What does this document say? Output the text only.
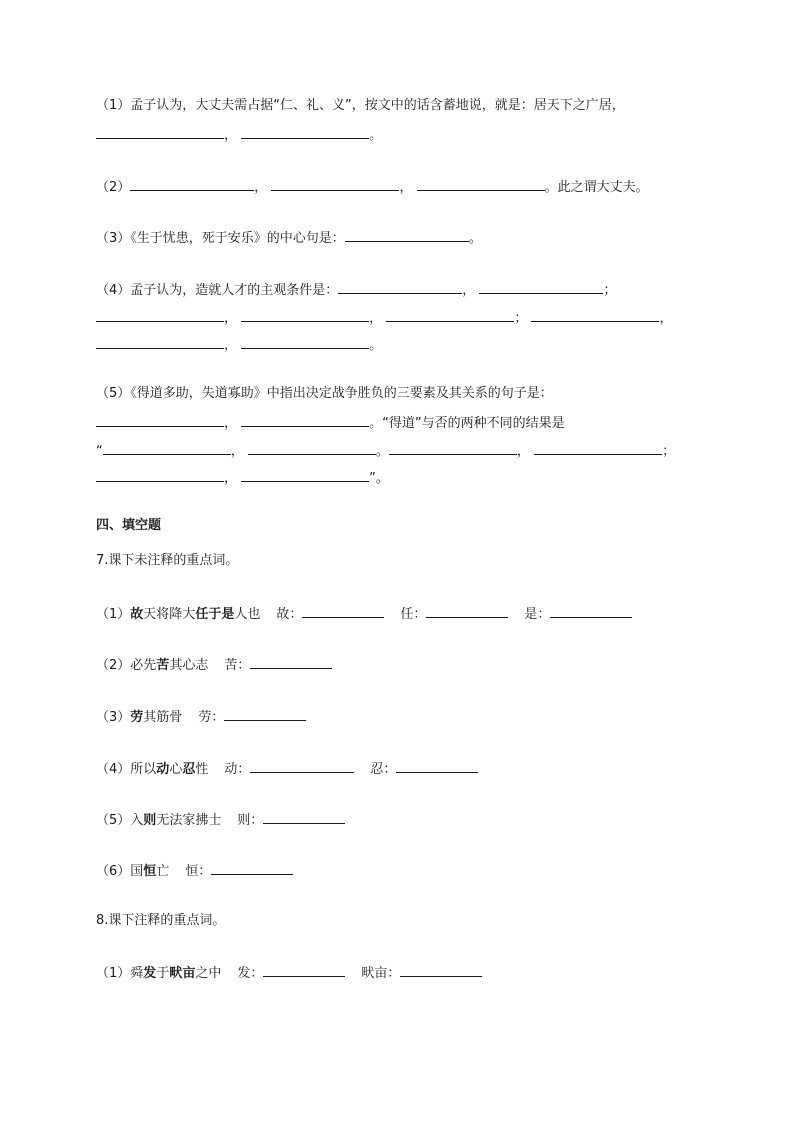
（1）孟子认为，大丈夫需占据“仁、礼、义”，按文中的话含蓄地说，就是：居天下之广居，
，	。
（2）	，	，	。此之谓大丈夫。
（3）《生于忧患，死于安乐》的中心句是：	。
（4）孟子认为，造就人才的主观条件是：	，	；
，	，	；	，
，	。
（5）《得道多助，失道寡助》中指出决定战争胜负的三要素及其关系的句子是：
，	。“得道”与否的两种不同的结果是
“	，	。	，	；
，	”。
四、填空题
7.课下未注释的重点词。
（1）故天将降大任于是人也 故：	任：	是：
（2）必先苦其心志 苦：
（3）劳其筋骨 劳：
（4）所以动心忍性 动：	忍：
（5）入则无法家拂士 则：
（6）国恒亡 恒：
8.课下注释的重点词。
（1）舜发于畎亩之中 发：	畎亩：
